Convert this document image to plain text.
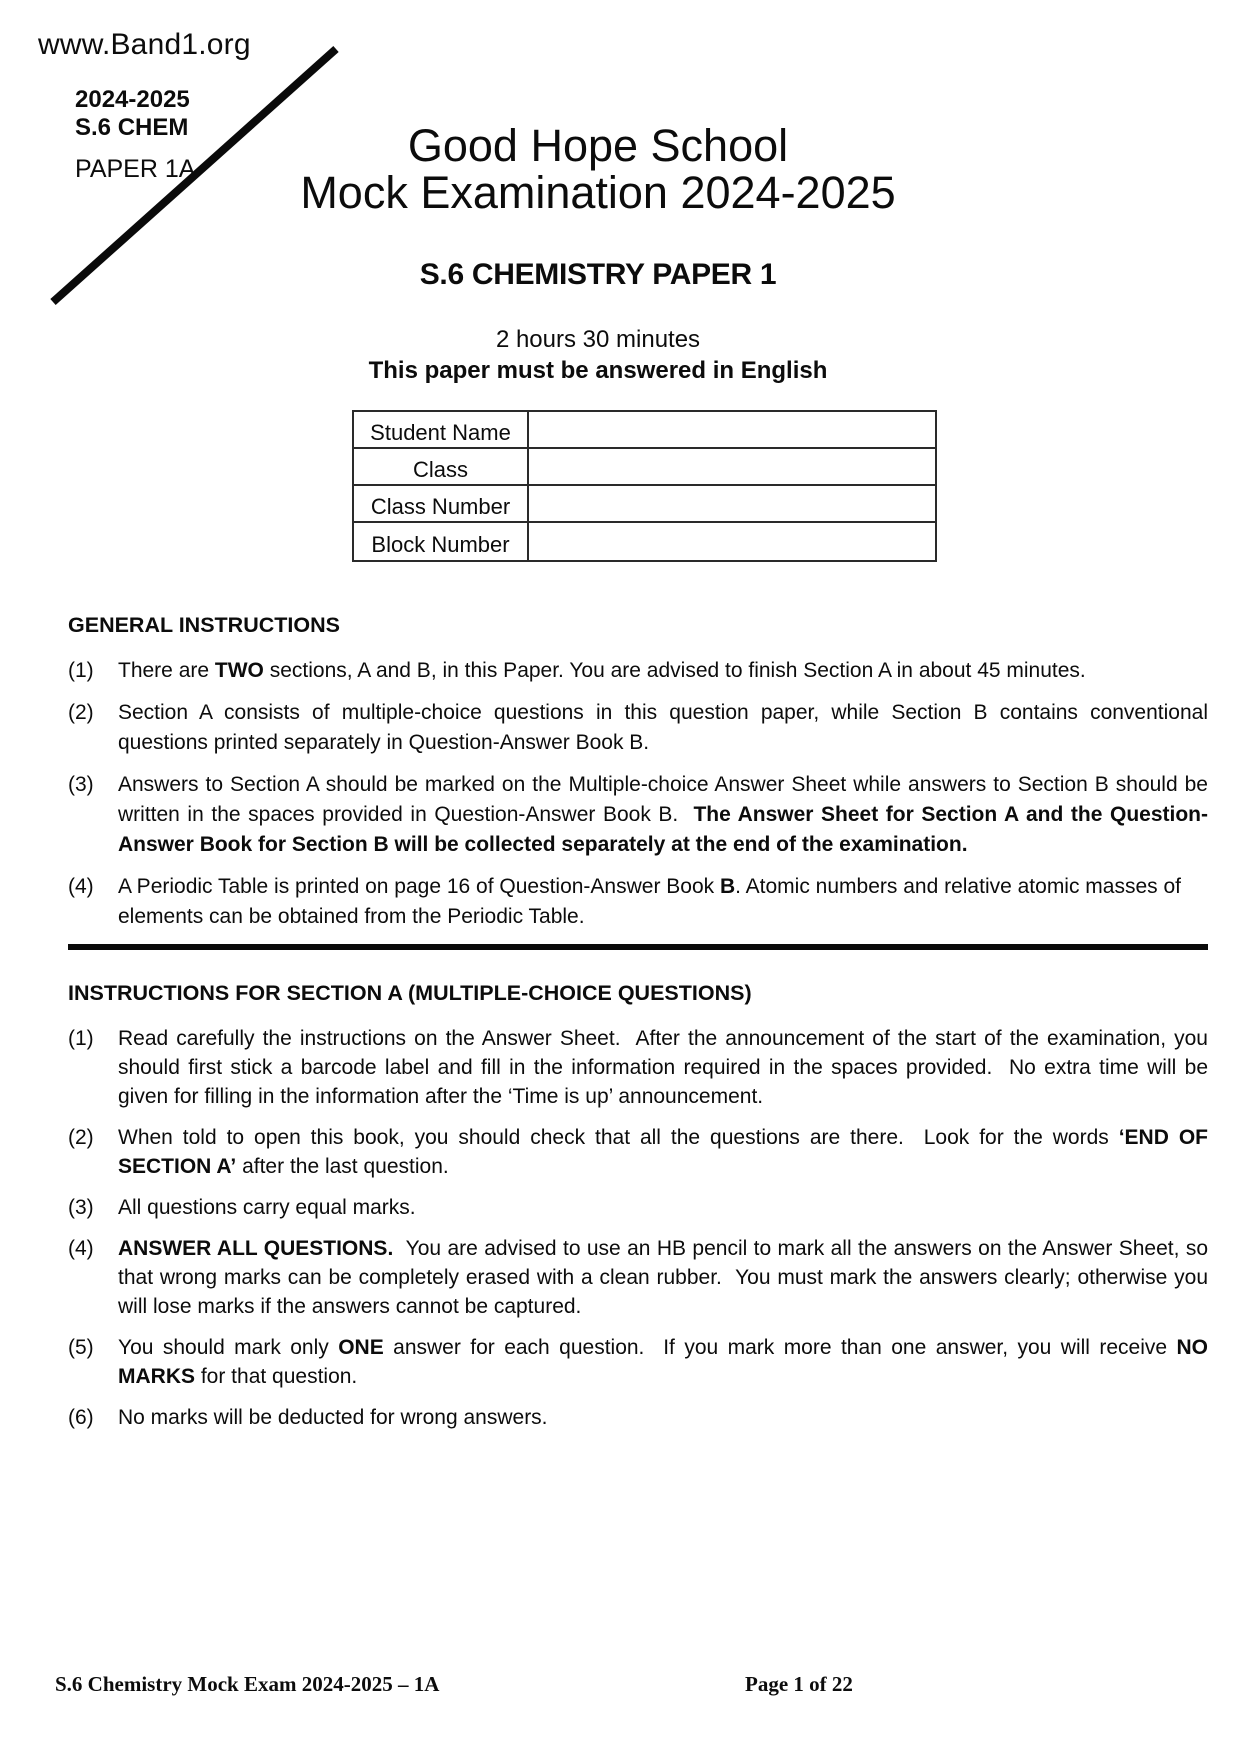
www.Band1.org
2024-2025
S.6 CHEM
PAPER 1A	Good Hope School
Mock Examination 2024-2025
S.6 CHEMISTRY PAPER 1
2 hours 30 minutes
This paper must be answered in English
Student Name
Class
Class Number
Block Number
GENERAL INSTRUCTIONS
(1)	There are TWO sections, A and B, in this Paper. You are advised to finish Section A in about 45 minutes.
(2)	Section A consists of multiple-choice questions in this question paper, while Section B contains conventional questions printed separately in Question-Answer Book B.
(3)	Answers to Section A should be marked on the Multiple-choice Answer Sheet while answers to Section B should be written in the spaces provided in Question-Answer Book B.  The Answer Sheet for Section A and the Question-Answer Book for Section B will be collected separately at the end of the examination.
(4)	A Periodic Table is printed on page 16 of Question-Answer Book B. Atomic numbers and relative atomic masses of elements can be obtained from the Periodic Table.
INSTRUCTIONS FOR SECTION A (MULTIPLE-CHOICE QUESTIONS)
(1)	Read carefully the instructions on the Answer Sheet.  After the announcement of the start of the examination, you should first stick a barcode label and fill in the information required in the spaces provided.  No extra time will be given for filling in the information after the ‘Time is up’ announcement.
(2)	When told to open this book, you should check that all the questions are there.  Look for the words ‘END OF SECTION A’ after the last question.
(3)	All questions carry equal marks.
(4)	ANSWER ALL QUESTIONS.  You are advised to use an HB pencil to mark all the answers on the Answer Sheet, so that wrong marks can be completely erased with a clean rubber.  You must mark the answers clearly; otherwise you will lose marks if the answers cannot be captured.
(5)	You should mark only ONE answer for each question.  If you mark more than one answer, you will receive NO MARKS for that question.
(6)	No marks will be deducted for wrong answers.
S.6 Chemistry Mock Exam 2024-2025 – 1A	Page 1 of 22
